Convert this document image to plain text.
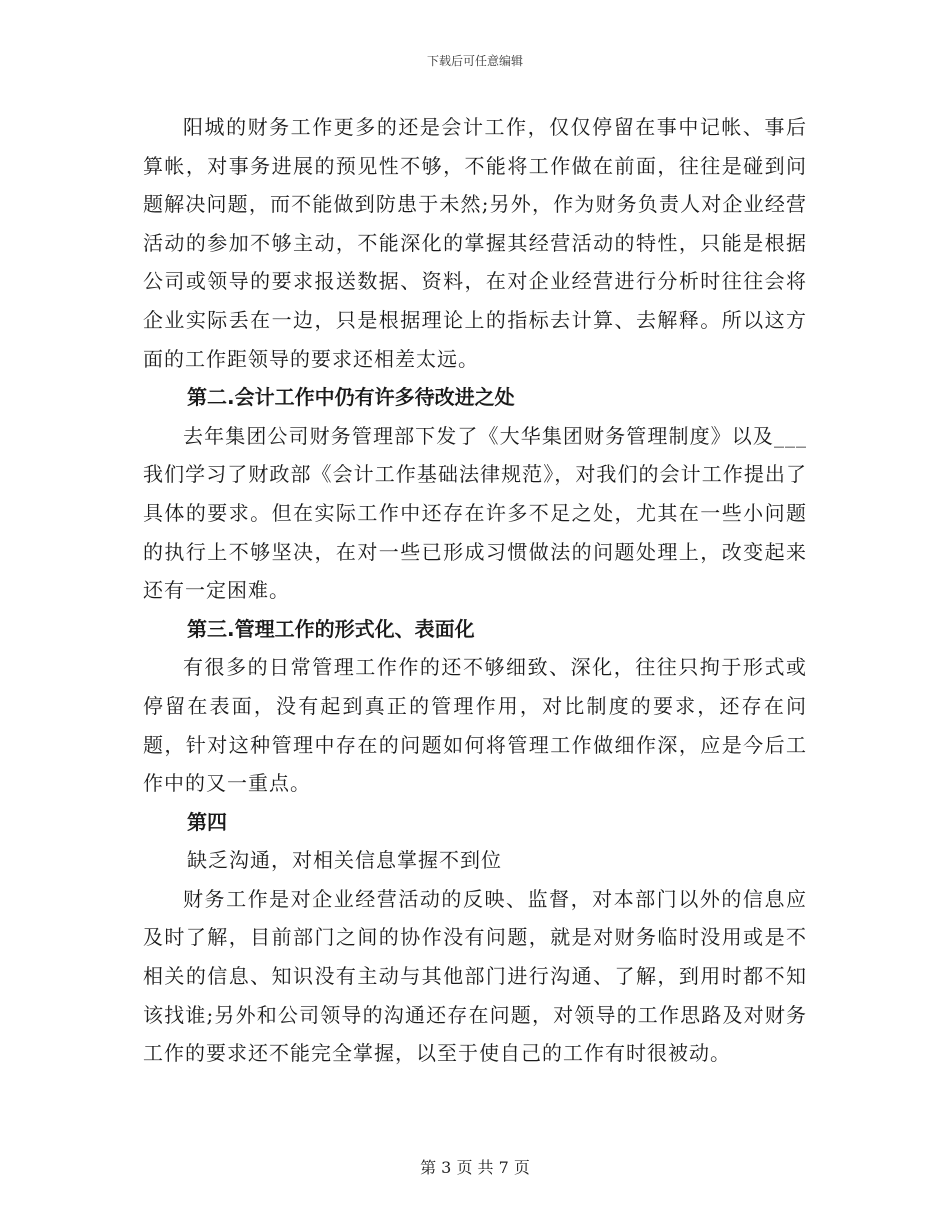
下载后可任意编辑

阳城的财务工作更多的还是会计工作，仅仅停留在事中记帐、事后算帐，对事务进展的预见性不够，不能将工作做在前面，往往是碰到问题解决问题，而不能做到防患于未然;另外，作为财务负责人对企业经营活动的参加不够主动，不能深化的掌握其经营活动的特性，只能是根据公司或领导的要求报送数据、资料，在对企业经营进行分析时往往会将企业实际丢在一边，只是根据理论上的指标去计算、去解释。所以这方面的工作距领导的要求还相差太远。

第二.会计工作中仍有许多待改进之处

去年集团公司财务管理部下发了《大华集团财务管理制度》以及___我们学习了财政部《会计工作基础法律规范》，对我们的会计工作提出了具体的要求。但在实际工作中还存在许多不足之处，尤其在一些小问题的执行上不够坚决，在对一些已形成习惯做法的问题处理上，改变起来还有一定困难。

第三.管理工作的形式化、表面化

有很多的日常管理工作作的还不够细致、深化，往往只拘于形式或停留在表面，没有起到真正的管理作用，对比制度的要求，还存在问题，针对这种管理中存在的问题如何将管理工作做细作深，应是今后工作中的又一重点。

第四

缺乏沟通，对相关信息掌握不到位

财务工作是对企业经营活动的反映、监督，对本部门以外的信息应及时了解，目前部门之间的协作没有问题，就是对财务临时没用或是不相关的信息、知识没有主动与其他部门进行沟通、了解，到用时都不知该找谁;另外和公司领导的沟通还存在问题，对领导的工作思路及对财务工作的要求还不能完全掌握，以至于使自己的工作有时很被动。

第 3 页 共 7 页
